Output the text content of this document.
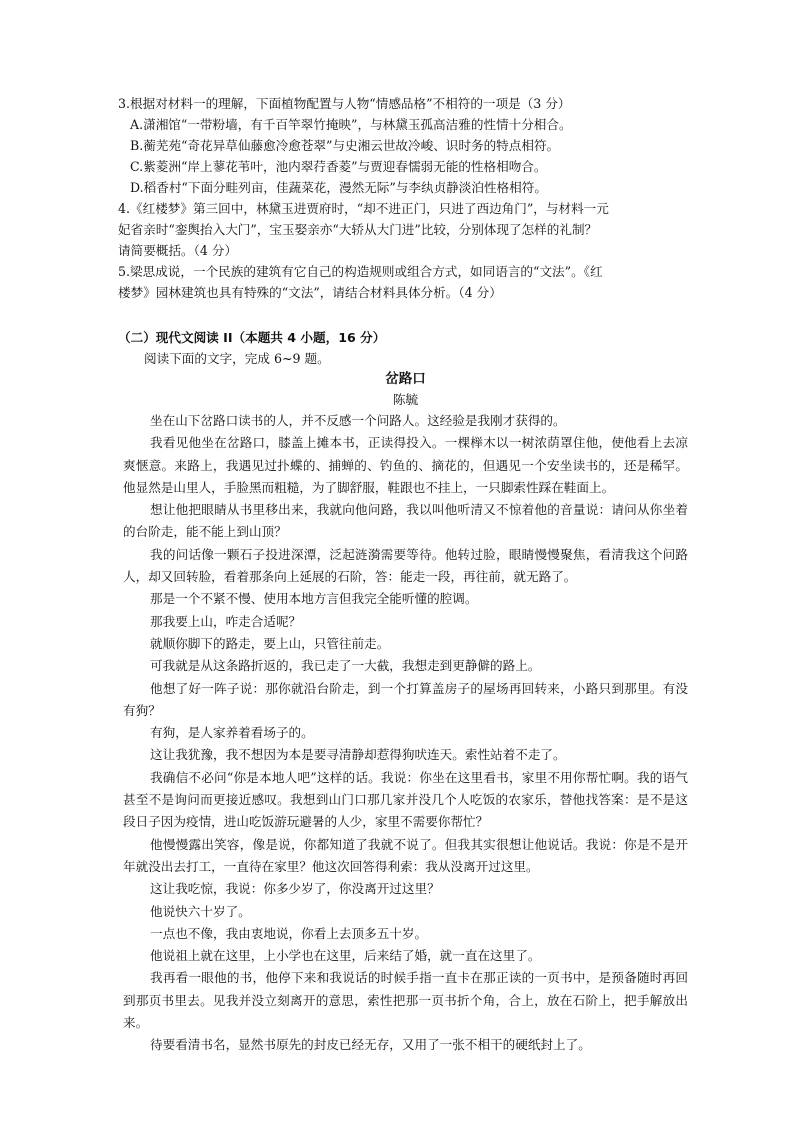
3.根据对材料一的理解，下面植物配置与人物“情感品格”不相符的一项是（3 分）

A.潇湘馆“一带粉墙，有千百竿翠竹掩映”，与林黛玉孤高洁雅的性情十分相合。

B.蘅芜苑“奇花异草仙藤愈冷愈苍翠”与史湘云世故冷峻、识时务的特点相符。

C.紫菱洲“岸上蓼花苇叶，池内翠荇香菱”与贾迎春懦弱无能的性格相吻合。

D.稻香村“下面分畦列亩，佳蔬菜花，漫然无际”与李纨贞静淡泊性格相符。

4.《红楼梦》第三回中，林黛玉进贾府时，“却不进正门，只进了西边角门”，与材料一元

妃省亲时“銮舆抬入大门”，宝玉娶亲亦“大轿从大门进”比较，分别体现了怎样的礼制？

请简要概括。（4 分）

5.梁思成说，一个民族的建筑有它自己的构造规则或组合方式，如同语言的“文法”。《红

楼梦》园林建筑也具有特殊的“文法”，请结合材料具体分析。（4 分）

（二）现代文阅读 II（本题共 4 小题，16 分）

阅读下面的文字，完成 6~9 题。

岔路口

陈毓

坐在山下岔路口读书的人，并不反感一个问路人。这经验是我刚才获得的。

我看见他坐在岔路口，膝盖上摊本书，正读得投入。一棵榉木以一树浓荫罩住他，使他看上去凉爽惬意。来路上，我遇见过扑蝶的、捕蝉的、钓鱼的、摘花的，但遇见一个安坐读书的，还是稀罕。他显然是山里人，手脸黑而粗糙，为了脚舒服，鞋跟也不挂上，一只脚索性踩在鞋面上。

想让他把眼睛从书里移出来，我就向他问路，我以叫他听清又不惊着他的音量说：请问从你坐着的台阶走，能不能上到山顶？

我的问话像一颗石子投进深潭，泛起涟漪需要等待。他转过脸，眼睛慢慢聚焦，看清我这个问路人，却又回转脸，看着那条向上延展的石阶，答：能走一段，再往前，就无路了。

那是一个不紧不慢、使用本地方言但我完全能听懂的腔调。

那我要上山，咋走合适呢？

就顺你脚下的路走，要上山，只管往前走。

可我就是从这条路折返的，我已走了一大截，我想走到更静僻的路上。

他想了好一阵子说：那你就沿台阶走，到一个打算盖房子的屋场再回转来，小路只到那里。有没有狗？

有狗，是人家养着看场子的。

这让我犹豫，我不想因为本是要寻清静却惹得狗吠连天。索性站着不走了。

我确信不必问“你是本地人吧”这样的话。我说：你坐在这里看书，家里不用你帮忙啊。我的语气甚至不是询问而更接近感叹。我想到山门口那几家并没几个人吃饭的农家乐，替他找答案：是不是这段日子因为疫情，进山吃饭游玩避暑的人少，家里不需要你帮忙？

他慢慢露出笑容，像是说，你都知道了我就不说了。但我其实很想让他说话。我说：你是不是开年就没出去打工，一直待在家里？他这次回答得利索：我从没离开过这里。

这让我吃惊，我说：你多少岁了，你没离开过这里？

他说快六十岁了。

一点也不像，我由衷地说，你看上去顶多五十岁。

他说祖上就在这里，上小学也在这里，后来结了婚，就一直在这里了。

我再看一眼他的书，他停下来和我说话的时候手指一直卡在那正读的一页书中，是预备随时再回到那页书里去。见我并没立刻离开的意思，索性把那一页书折个角，合上，放在石阶上，把手解放出来。

待要看清书名，显然书原先的封皮已经无存，又用了一张不相干的硬纸封上了。
